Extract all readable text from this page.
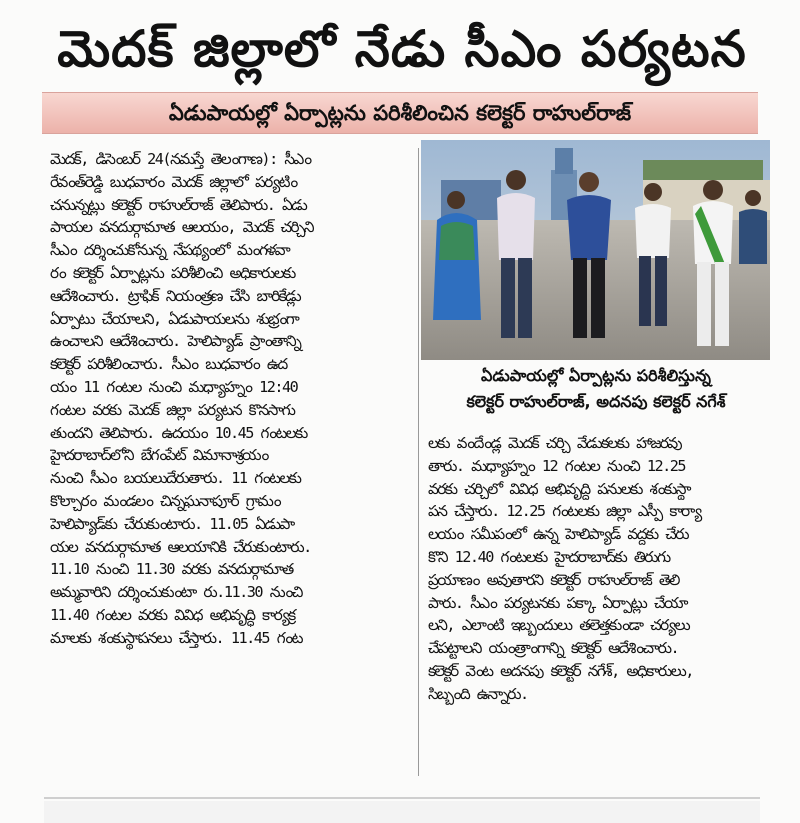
మెదక్ జిల్లాలో నేడు సీఎం పర్యటన
ఏడుపాయల్లో ఏర్పాట్లను పరిశీలించిన కలెక్టర్ రాహుల్‌రాజ్
మెదక్, డిసెంబర్ 24(నమస్తే తెలంగాణ): సీఎం
రేవంత్‌రెడ్డి బుధవారం మెదక్ జిల్లాలో పర్యటిం
చనున్నట్లు కలెక్టర్ రాహుల్‌రాజ్ తెలిపారు. ఏడు
పాయల వనదుర్గామాత ఆలయం, మెదక్ చర్చిని
సీఎం దర్శించుకోనున్న నేపథ్యంలో మంగళవా
రం కలెక్టర్ ఏర్పాట్లను పరిశీలించి అధికారులకు
ఆదేశించారు. ట్రాఫిక్ నియంత్రణ చేసి బారికేడ్లు
ఏర్పాటు చేయాలని, ఏడుపాయలను శుభ్రంగా
ఉంచాలని ఆదేశించారు. హెలిప్యాడ్ ప్రాంతాన్ని
కలెక్టర్ పరిశీలించారు. సీఎం బుధవారం ఉద
యం 11 గంటల నుంచి మధ్యాహ్నం 12:40
గంటల వరకు మెదక్ జిల్లా పర్యటన కొనసాగు
తుందని తెలిపారు. ఉదయం 10.45 గంటలకు
హైదరాబాద్‌లోని బేగంపేట్ విమానాశ్రయం
నుంచి సీఎం బయలుదేరుతారు. 11 గంటలకు
కొల్చారం మండలం చిన్నఘనాపూర్ గ్రామం
హెలిప్యాడ్‌కు చేరుకుంటారు. 11.05 ఏడుపా
యల వనదుర్గామాత ఆలయానికి చేరుకుంటారు.
11.10 నుంచి 11.30 వరకు వనదుర్గామాత
అమ్మవారిని దర్శించుకుంటా రు.11.30 నుంచి
11.40 గంటల వరకు వివిధ అభివృద్ధి కార్యక్ర
మాలకు శంకుస్థాపనలు చేస్తారు. 11.45 గంట
ఏడుపాయల్లో ఏర్పాట్లను పరిశీలిస్తున్న
కలెక్టర్ రాహుల్‌రాజ్, అదనపు కలెక్టర్ నగేశ్
లకు వందేండ్ల మెదక్ చర్చి వేడుకలకు హాజరవు
తారు. మధ్యాహ్నం 12 గంటల నుంచి 12.25
వరకు చర్చిలో వివిధ అభివృద్ధి పనులకు శంకుస్థా
పన చేస్తారు. 12.25 గంటలకు జిల్లా ఎస్పీ కార్యా
లయం సమీపంలో ఉన్న హెలిప్యాడ్ వద్దకు చేరు
కొని 12.40 గంటలకు హైదరాబాద్‌కు తిరుగు
ప్రయాణం అవుతారని కలెక్టర్ రాహుల్‌రాజ్ తెలి
పారు. సీఎం పర్యటనకు పక్కా ఏర్పాట్లు చేయా
లని, ఎలాంటి ఇబ్బందులు తలెత్తకుండా చర్యలు
చేపట్టాలని యంత్రాంగాన్ని కలెక్టర్ ఆదేశించారు.
కలెక్టర్ వెంట అదనపు కలెక్టర్ నగేశ్, అధికారులు,
సిబ్బంది ఉన్నారు.
